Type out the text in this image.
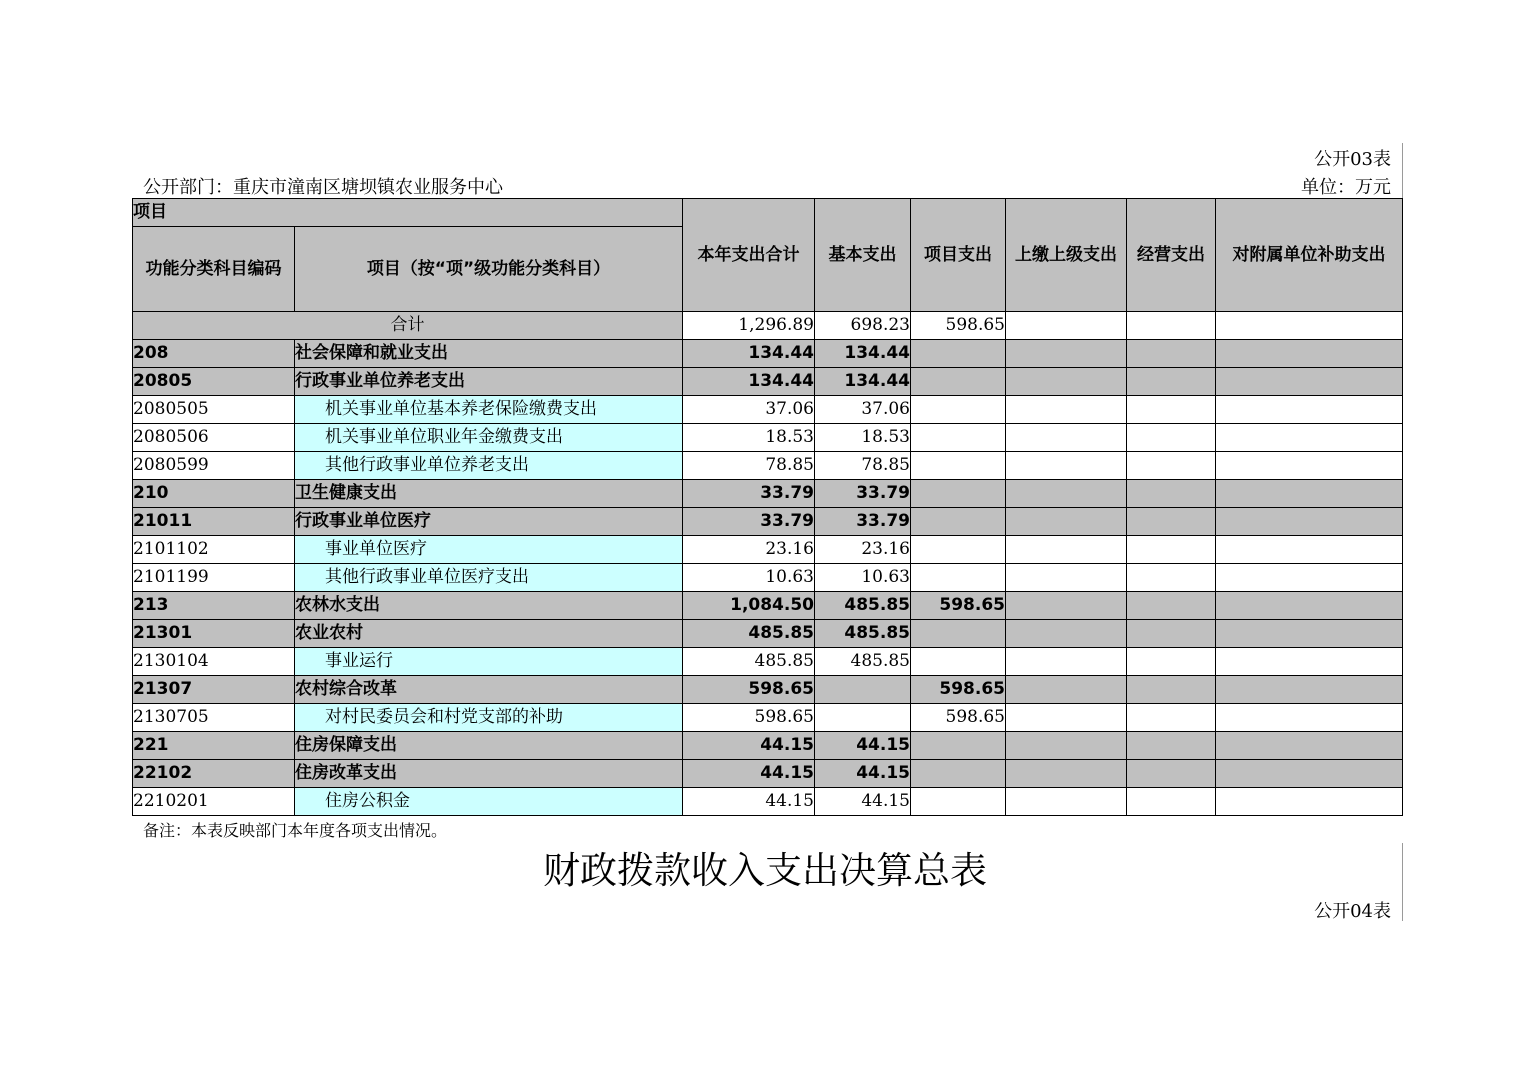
公开03表
公开部门：重庆市潼南区塘坝镇农业服务中心	单位：万元
项目		本年支出合计	基本支出	项目支出	上缴上级支出	经营支出	对附属单位补助支出
功能分类科目编码	项目（按“项”级功能分类科目）						
合计		1,296.89	698.23	598.65			
208	社会保障和就业支出	134.44	134.44				
20805	行政事业单位养老支出	134.44	134.44				
2080505	机关事业单位基本养老保险缴费支出	37.06	37.06				
2080506	机关事业单位职业年金缴费支出	18.53	18.53				
2080599	其他行政事业单位养老支出	78.85	78.85				
210	卫生健康支出	33.79	33.79				
21011	行政事业单位医疗	33.79	33.79				
2101102	事业单位医疗	23.16	23.16				
2101199	其他行政事业单位医疗支出	10.63	10.63				
213	农林水支出	1,084.50	485.85	598.65			
21301	农业农村	485.85	485.85				
2130104	事业运行	485.85	485.85				
21307	农村综合改革	598.65		598.65			
2130705	对村民委员会和村党支部的补助	598.65		598.65			
221	住房保障支出	44.15	44.15				
22102	住房改革支出	44.15	44.15				
2210201	住房公积金	44.15	44.15				
备注：本表反映部门本年度各项支出情况。
财政拨款收入支出决算总表
公开04表
